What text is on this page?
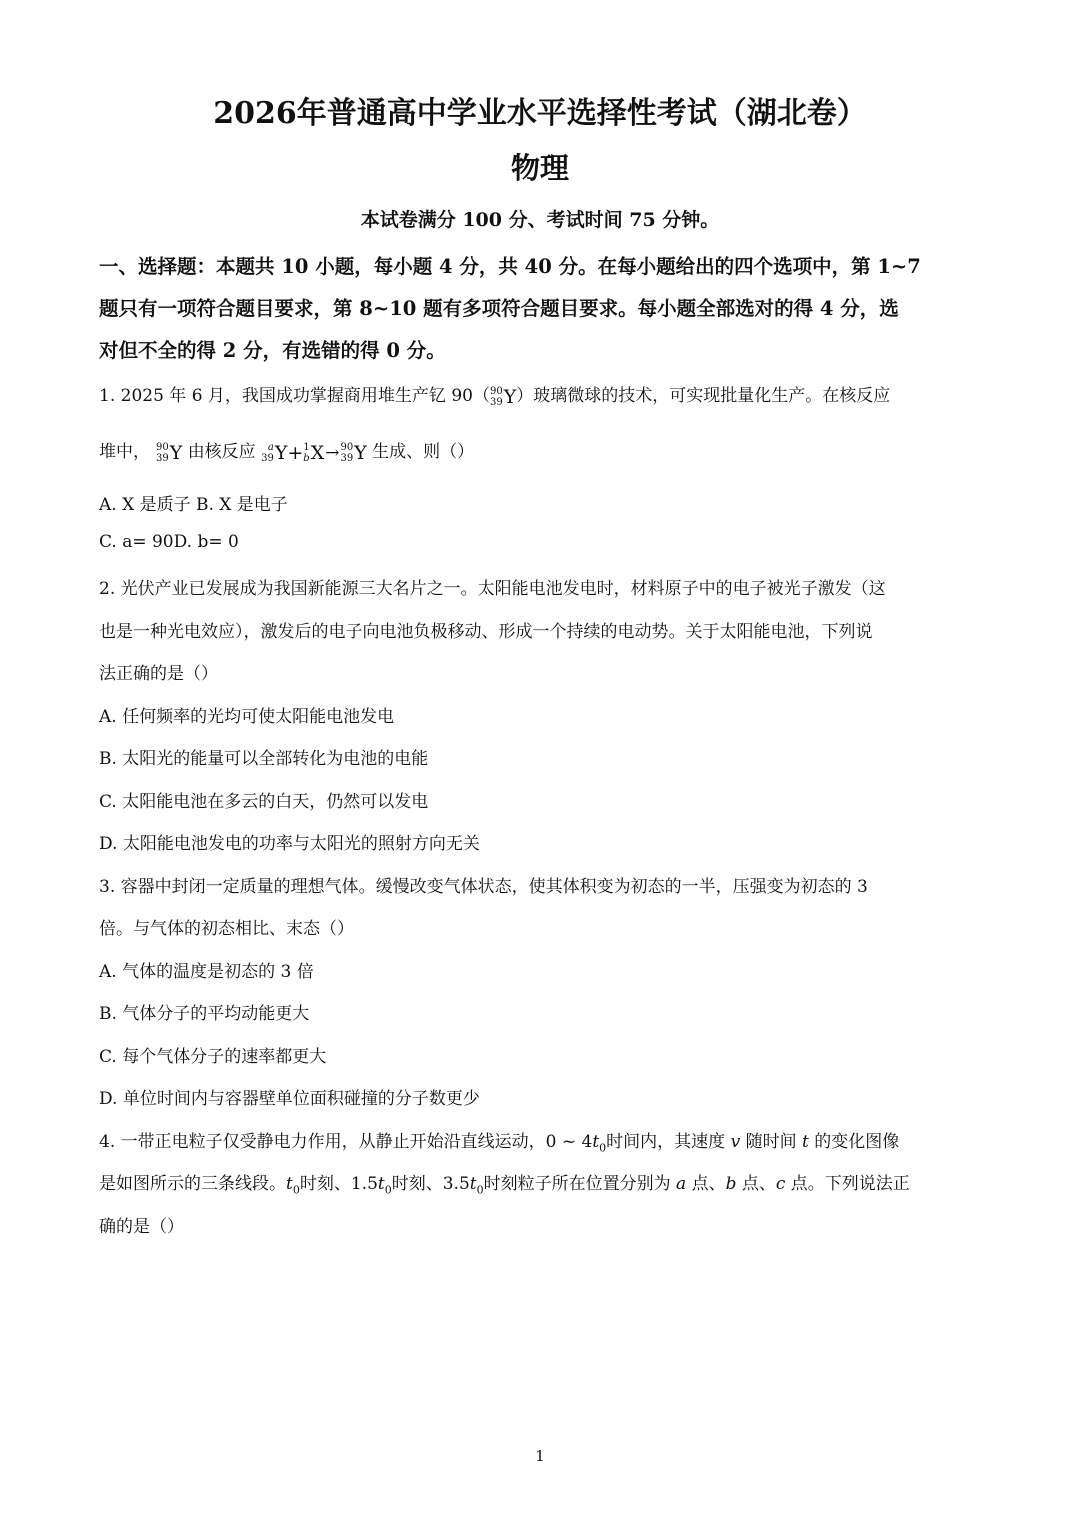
2026年普通高中学业水平选择性考试（湖北卷）
物理
本试卷满分 100 分、考试时间 75 分钟。
一、选择题：本题共 10 小题，每小题 4 分，共 40 分。在每小题给出的四个选项中，第 1~7
题只有一项符合题目要求，第 8~10 题有多项符合题目要求。每小题全部选对的得 4 分，选
对但不全的得 2 分，有选错的得 0 分。
1. 2025 年 6 月，我国成功掌握商用堆生产钇 90（ 90
39 Y ）玻璃微球的技术，可实现批量化生产。在核反应
堆中， 90
39 Y 由核反应	a
39 Y + 1
b X → 90
39 Y 生成、则（）
A. X 是质子 B. X 是电子
C. a= 90D. b= 0
2. 光伏产业已发展成为我国新能源三大名片之一。太阳能电池发电时，材料原子中的电子被光子激发（这
也是一种光电效应），激发后的电子向电池负极移动、形成一个持续的电动势。关于太阳能电池，下列说
法正确的是（）
A. 任何频率的光均可使太阳能电池发电
B. 太阳光的能量可以全部转化为电池的电能
C. 太阳能电池在多云的白天，仍然可以发电
D. 太阳能电池发电的功率与太阳光的照射方向无关
3. 容器中封闭一定质量的理想气体。缓慢改变气体状态，使其体积变为初态的一半，压强变为初态的 3
倍。与气体的初态相比、末态（）
A. 气体的温度是初态的 3 倍
B. 气体分子的平均动能更大
C. 每个气体分子的速率都更大
D. 单位时间内与容器壁单位面积碰撞的分子数更少
4. 一带正电粒子仅受静电力作用，从静止开始沿直线运动，0 ~ $4t_0$时间内，其速度 v 随时间 t 的变化图像
是如图所示的三条线段。$t_0$时刻、$1.5t_0$时刻、$3.5t_0$时刻粒子所在位置分别为 a 点、b 点、c 点。下列说法正
确的是（）
1
